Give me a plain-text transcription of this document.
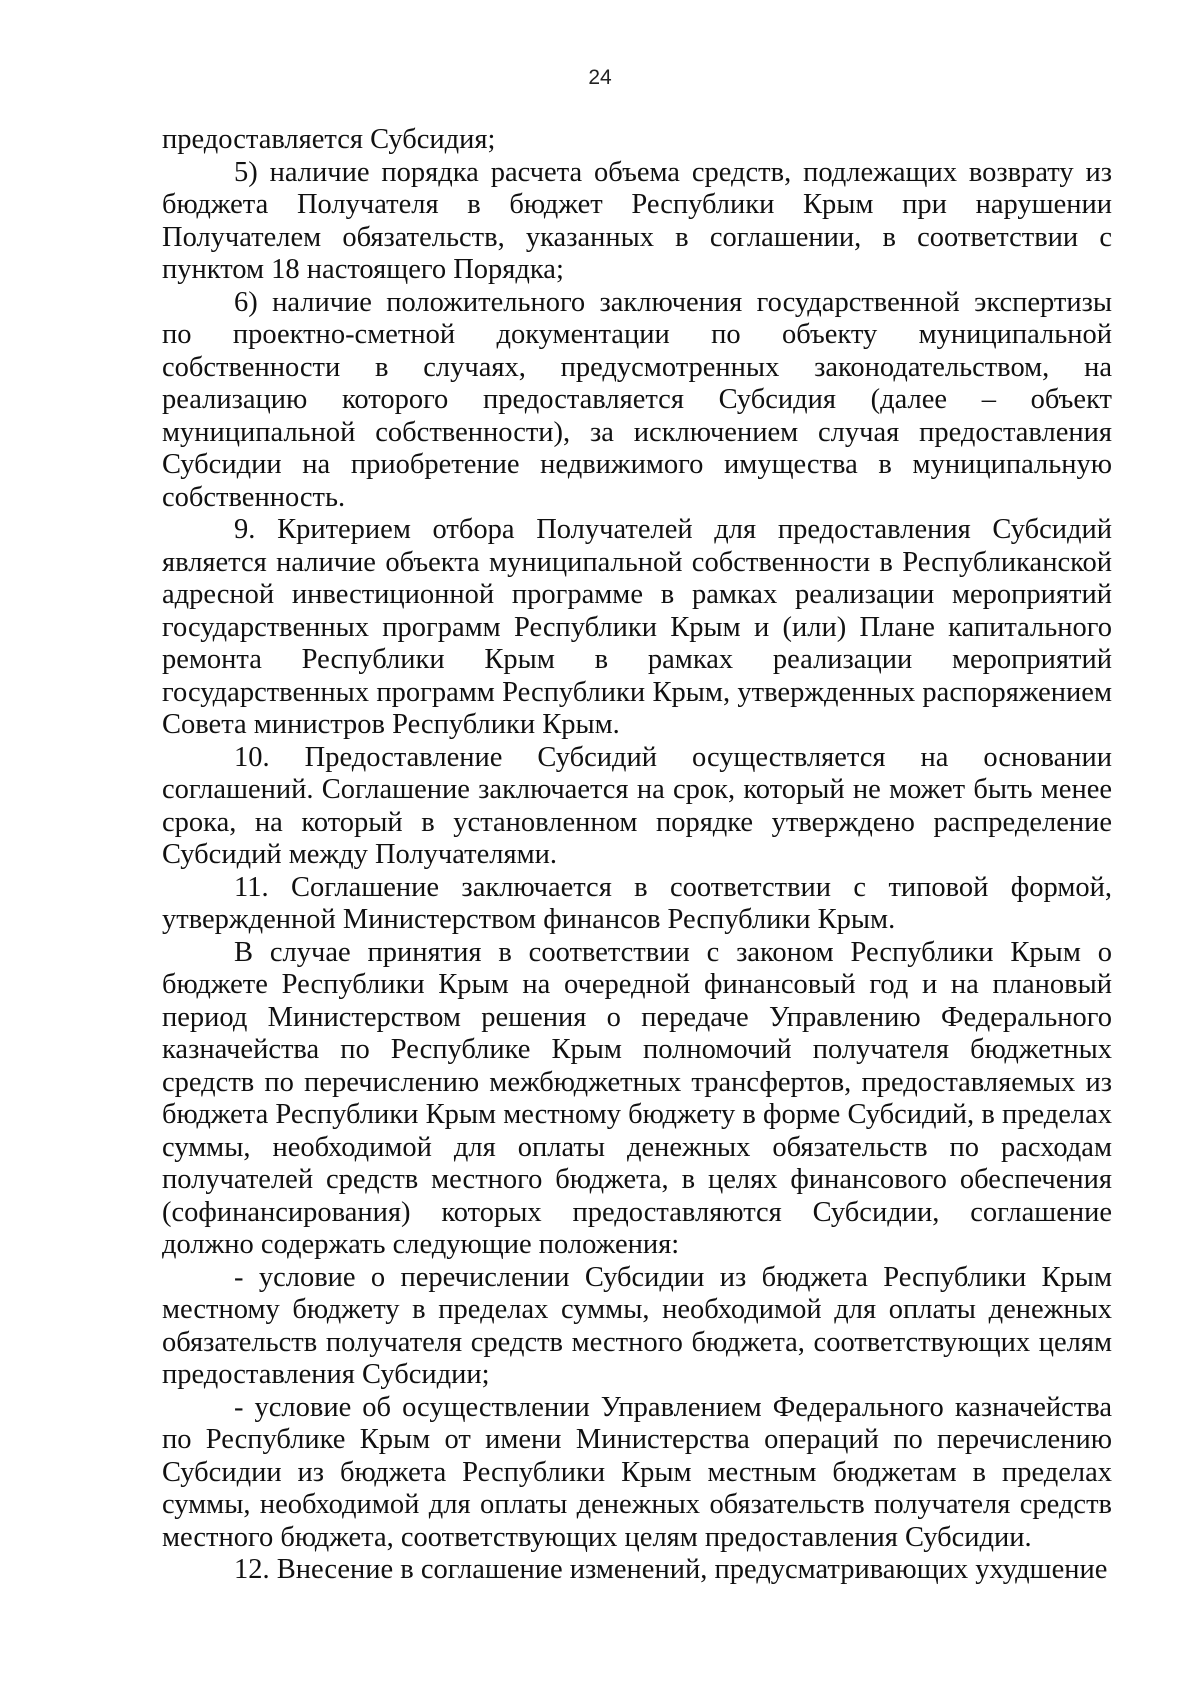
24

предоставляется Субсидия;

5) наличие порядка расчета объема средств, подлежащих возврату из бюджета Получателя в бюджет Республики Крым при нарушении Получателем обязательств, указанных в соглашении, в соответствии с пунктом 18 настоящего Порядка;

6) наличие положительного заключения государственной экспертизы по проектно-сметной документации по объекту муниципальной собственности в случаях, предусмотренных законодательством, на реализацию которого предоставляется Субсидия (далее – объект муниципальной собственности), за исключением случая предоставления Субсидии на приобретение недвижимого имущества в муниципальную собственность.

9. Критерием отбора Получателей для предоставления Субсидий является наличие объекта муниципальной собственности в Республиканской адресной инвестиционной программе в рамках реализации мероприятий государственных программ Республики Крым и (или) Плане капитального ремонта Республики Крым в рамках реализации мероприятий государственных программ Республики Крым, утвержденных распоряжением Совета министров Республики Крым.

10. Предоставление Субсидий осуществляется на основании соглашений. Соглашение заключается на срок, который не может быть менее срока, на который в установленном порядке утверждено распределение Субсидий между Получателями.

11. Соглашение заключается в соответствии с типовой формой, утвержденной Министерством финансов Республики Крым.

В случае принятия в соответствии с законом Республики Крым о бюджете Республики Крым на очередной финансовый год и на плановый период Министерством решения о передаче Управлению Федерального казначейства по Республике Крым полномочий получателя бюджетных средств по перечислению межбюджетных трансфертов, предоставляемых из бюджета Республики Крым местному бюджету в форме Субсидий, в пределах суммы, необходимой для оплаты денежных обязательств по расходам получателей средств местного бюджета, в целях финансового обеспечения (софинансирования) которых предоставляются Субсидии, соглашение должно содержать следующие положения:

- условие о перечислении Субсидии из бюджета Республики Крым местному бюджету в пределах суммы, необходимой для оплаты денежных обязательств получателя средств местного бюджета, соответствующих целям предоставления Субсидии;

- условие об осуществлении Управлением Федерального казначейства по Республике Крым от имени Министерства операций по перечислению Субсидии из бюджета Республики Крым местным бюджетам в пределах суммы, необходимой для оплаты денежных обязательств получателя средств местного бюджета, соответствующих целям предоставления Субсидии.

12. Внесение в соглашение изменений, предусматривающих ухудшение
